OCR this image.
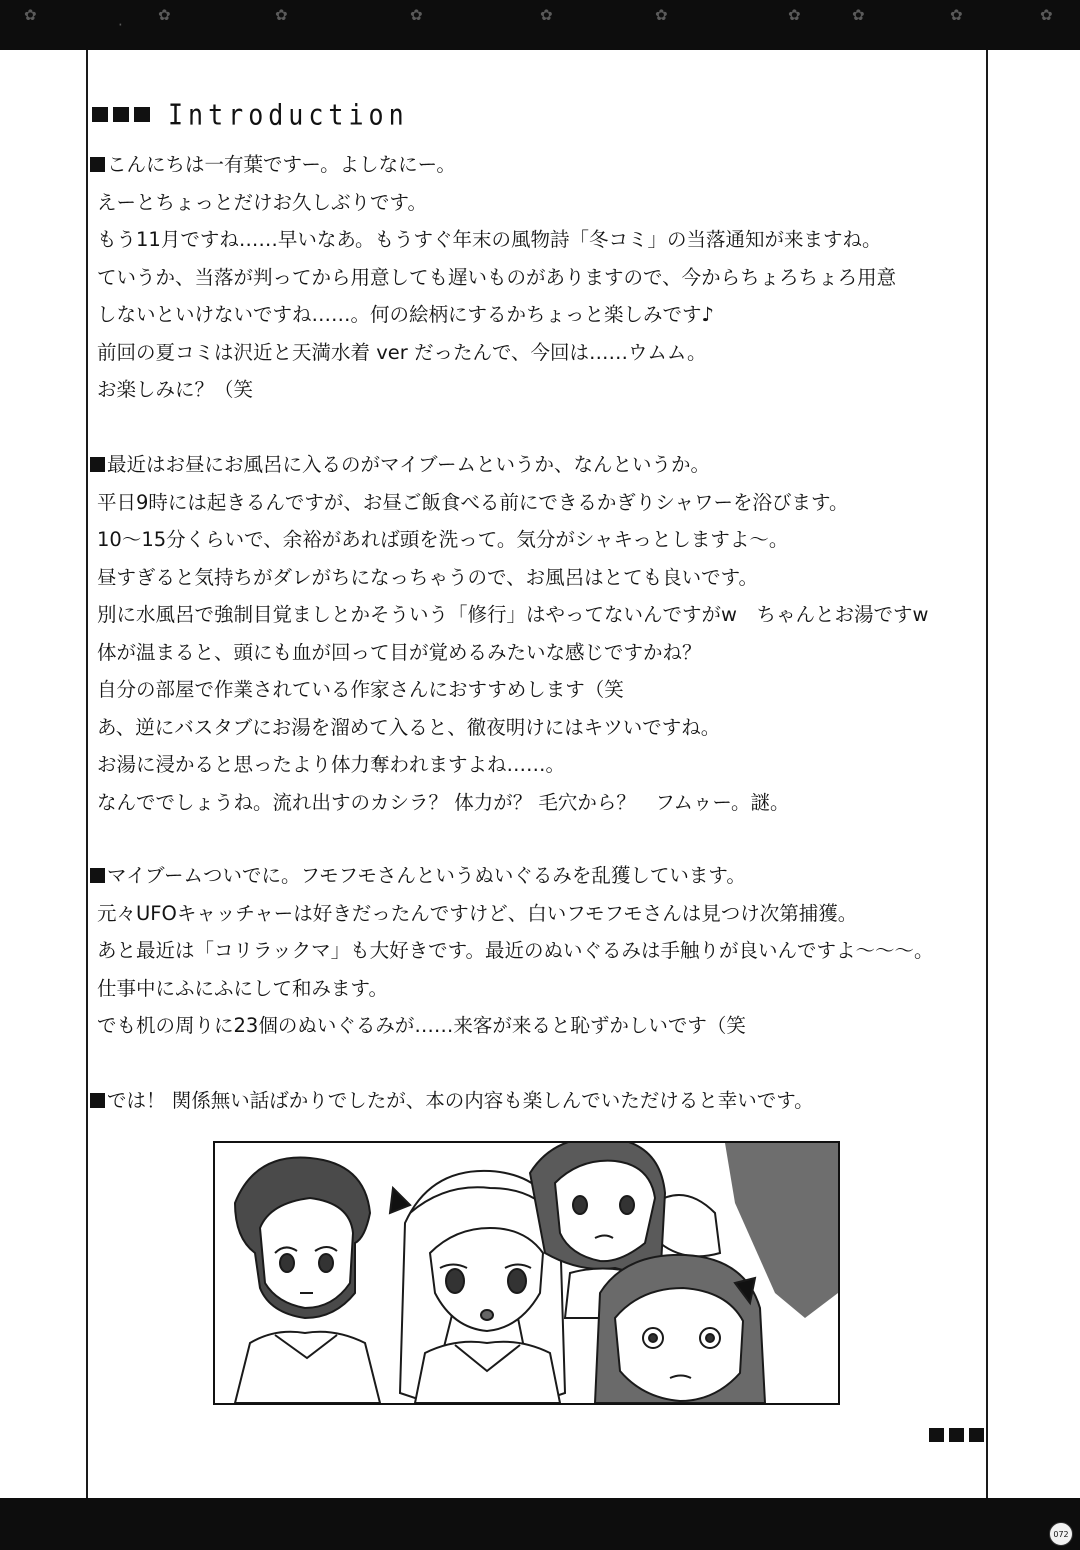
✿
·
✿	✿	✿	✿	✿	✿	✿	✿	✿
Introduction
こんにちは一有葉ですー。よしなにー。
えーとちょっとだけお久しぶりです。
もう11月ですね……早いなあ。もうすぐ年末の風物詩「冬コミ」の当落通知が来ますね。
ていうか、当落が判ってから用意しても遅いものがありますので、今からちょろちょろ用意
しないといけないですね……。何の絵柄にするかちょっと楽しみです♪
前回の夏コミは沢近と天満水着 ver だったんで、今回は……ウムム。
お楽しみに？（笑
最近はお昼にお風呂に入るのがマイブームというか、なんというか。
平日9時には起きるんですが、お昼ご飯食べる前にできるかぎりシャワーを浴びます。
10～15分くらいで、余裕があれば頭を洗って。気分がシャキっとしますよ～。
昼すぎると気持ちがダレがちになっちゃうので、お風呂はとても良いです。
別に水風呂で強制目覚ましとかそういう「修行」はやってないんですがw　ちゃんとお湯ですw
体が温まると、頭にも血が回って目が覚めるみたいな感じですかね？
自分の部屋で作業されている作家さんにおすすめします（笑
あ、逆にバスタブにお湯を溜めて入ると、徹夜明けにはキツいですね。
お湯に浸かると思ったより体力奪われますよね……。
なんででしょうね。流れ出すのカシラ？ 体力が？ 毛穴から？　フムゥー。謎。
マイブームついでに。フモフモさんというぬいぐるみを乱獲しています。
元々UFOキャッチャーは好きだったんですけど、白いフモフモさんは見つけ次第捕獲。
あと最近は「コリラックマ」も大好きです。最近のぬいぐるみは手触りが良いんですよ～～～。
仕事中にふにふにして和みます。
でも机の周りに23個のぬいぐるみが……来客が来ると恥ずかしいです（笑
では！ 関係無い話ばかりでしたが、本の内容も楽しんでいただけると幸いです。
072
